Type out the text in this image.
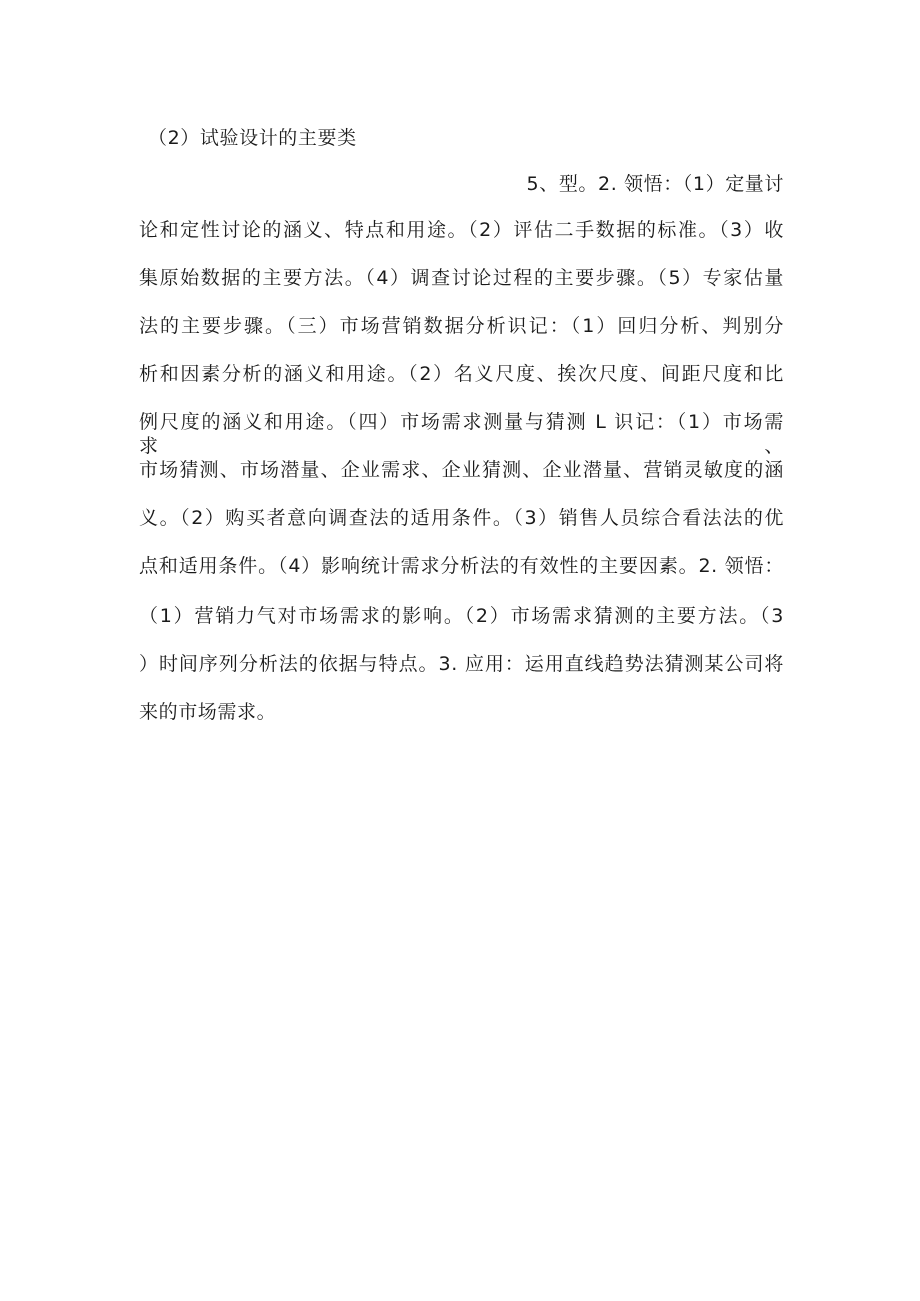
（2）试验设计的主要类
5、型。2. 领悟：（1）定量讨
论和定性讨论的涵义、特点和用途。（2）评估二手数据的标准。（3）收
集原始数据的主要方法。（4）调查讨论过程的主要步骤。（5）专家估量
法的主要步骤。（三）市场营销数据分析识记：（1）回归分析、判别分
析和因素分析的涵义和用途。（2）名义尺度、挨次尺度、间距尺度和比
例尺度的涵义和用途。（四）市场需求测量与猜测 L 识记：（1）市场需求、
市场猜测、市场潜量、企业需求、企业猜测、企业潜量、营销灵敏度的涵
义。（2）购买者意向调查法的适用条件。（3）销售人员综合看法法的优
点和适用条件。（4）影响统计需求分析法的有效性的主要因素。2. 领悟：
（1）营销力气对市场需求的影响。（2）市场需求猜测的主要方法。（3
）时间序列分析法的依据与特点。3. 应用：运用直线趋势法猜测某公司将
来的市场需求。
